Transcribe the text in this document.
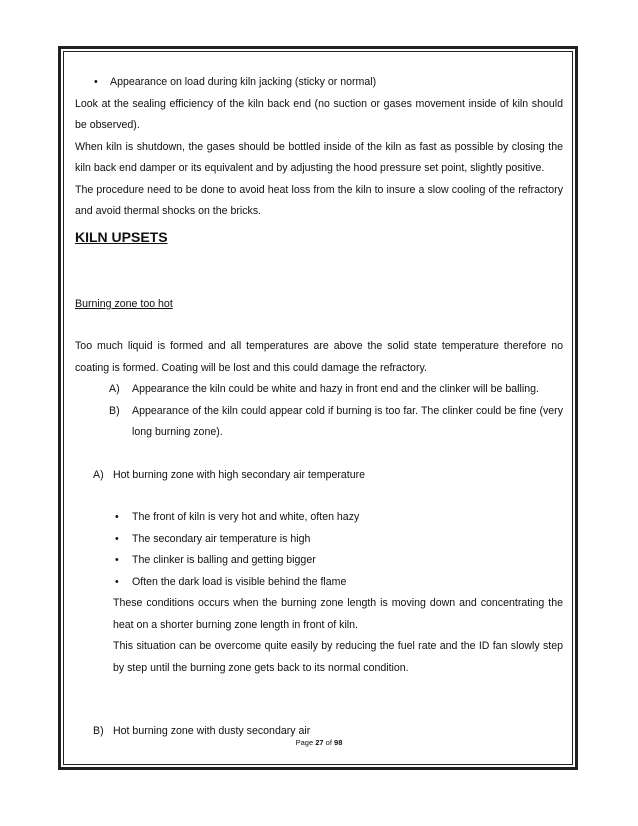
• Appearance on load during kiln jacking (sticky or normal)
Look at the sealing efficiency of the kiln back end (no suction or gases movement inside of kiln should be observed).
When kiln is shutdown, the gases should be bottled inside of the kiln as fast as possible by closing the kiln back end damper or its equivalent and by adjusting the hood pressure set point, slightly positive.
The procedure need to be done to avoid heat loss from the kiln to insure a slow cooling of the refractory and avoid thermal shocks on the bricks.
KILN UPSETS
Burning zone too hot
Too much liquid is formed and all temperatures are above the solid state temperature therefore no coating is formed. Coating will be lost and this could damage the refractory.
A) Appearance the kiln could be white and hazy in front end and the clinker will be balling.
B) Appearance of the kiln could appear cold if burning is too far. The clinker could be fine (very long burning zone).
A) Hot burning zone with high secondary air temperature
• The front of kiln is very hot and white, often hazy
• The secondary air temperature is high
• The clinker is balling and getting bigger
• Often the dark load is visible behind the flame
These conditions occurs when the burning zone length is moving down and concentrating the heat on a shorter burning zone length in front of kiln.
This situation can be overcome quite easily by reducing the fuel rate and the ID fan slowly step by step until the burning zone gets back to its normal condition.
B) Hot burning zone with dusty secondary air
Page 27 of 98
